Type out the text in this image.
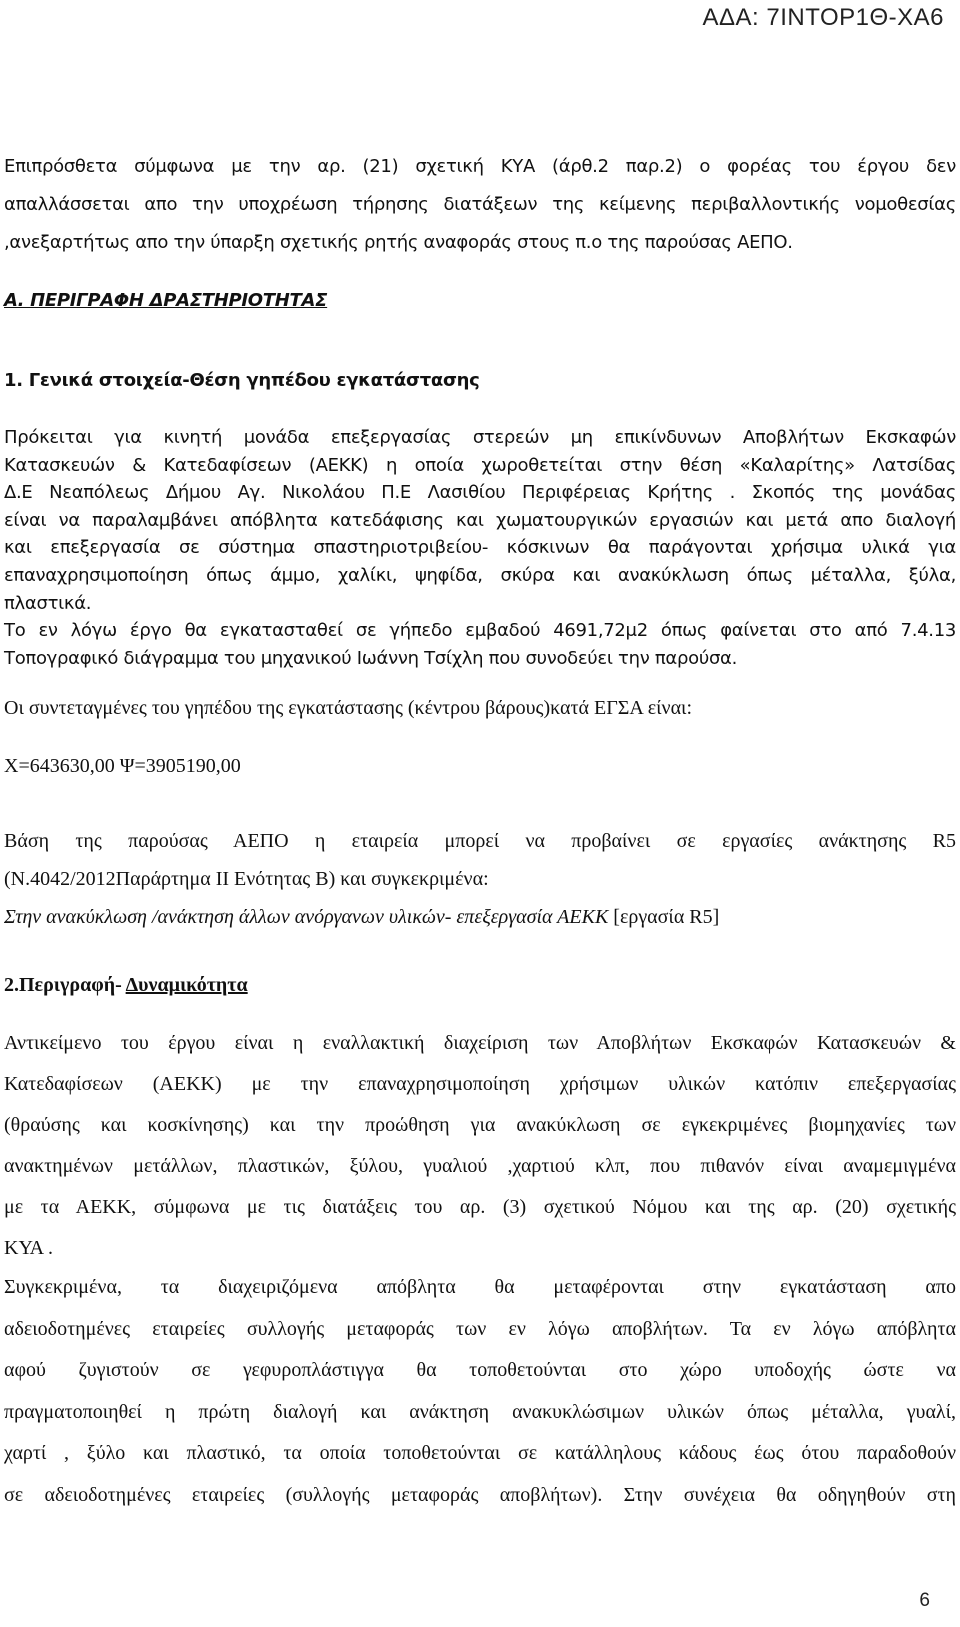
ΑΔΑ: 7ΙΝΤΟΡ1Θ-ΧΑ6
Επιπρόσθετα σύμφωνα με την αρ. (21) σχετική ΚΥΑ (άρθ.2 παρ.2) ο φορέας του έργου δεν
απαλλάσσεται απο την υποχρέωση τήρησης διατάξεων της κείμενης περιβαλλοντικής νομοθεσίας
,ανεξαρτήτως απο την ύπαρξη σχετικής ρητής αναφοράς στους π.ο της παρούσας ΑΕΠΟ.
Α. ΠΕΡΙΓΡΑΦΗ ΔΡΑΣΤΗΡΙΟΤΗΤΑΣ
1. Γενικά στοιχεία-Θέση γηπέδου εγκατάστασης
Πρόκειται για κινητή μονάδα επεξεργασίας στερεών μη επικίνδυνων Αποβλήτων Εκσκαφών
Κατασκευών & Κατεδαφίσεων (ΑΕΚΚ) η οποία χωροθετείται στην θέση «Καλαρίτης» Λατσίδας
Δ.Ε Νεαπόλεως Δήμου Αγ. Νικολάου Π.Ε Λασιθίου Περιφέρειας Κρήτης . Σκοπός της μονάδας
είναι να παραλαμβάνει απόβλητα κατεδάφισης και χωματουργικών εργασιών και μετά απο διαλογή
και επεξεργασία σε σύστημα σπαστηριοτριβείου- κόσκινων θα παράγονται χρήσιμα υλικά για
επαναχρησιμοποίηση όπως άμμο, χαλίκι, ψηφίδα, σκύρα και ανακύκλωση όπως μέταλλα, ξύλα,
πλαστικά.
Το εν λόγω έργο θα εγκατασταθεί σε γήπεδο εμβαδού 4691,72μ2 όπως φαίνεται στο από 7.4.13
Τοπογραφικό διάγραμμα του μηχανικού Ιωάννη Τσίχλη που συνοδεύει την παρούσα.
Οι συντεταγμένες του γηπέδου της εγκατάστασης (κέντρου βάρους)κατά ΕΓΣΑ είναι:
Χ=643630,00 Ψ=3905190,00
Βάση της παρούσας ΑΕΠΟ η εταιρεία μπορεί να προβαίνει σε εργασίες ανάκτησης R5
(Ν.4042/2012Παράρτημα ΙΙ Ενότητας Β) και συγκεκριμένα:
Στην ανακύκλωση /ανάκτηση άλλων ανόργανων υλικών- επεξεργασία ΑΕΚΚ [εργασία R5]
2.Περιγραφή- Δυναμικότητα
Αντικείμενο του έργου είναι η εναλλακτική διαχείριση των Αποβλήτων Εκσκαφών Κατασκευών &
Κατεδαφίσεων (ΑΕΚΚ) με την επαναχρησιμοποίηση χρήσιμων υλικών κατόπιν επεξεργασίας
(θραύσης και κοσκίνησης) και την προώθηση για ανακύκλωση σε εγκεκριμένες βιομηχανίες των
ανακτημένων μετάλλων, πλαστικών, ξύλου, γυαλιού ,χαρτιού κλπ, που πιθανόν είναι αναμεμιγμένα
με τα ΑΕΚΚ, σύμφωνα με τις διατάξεις του αρ. (3) σχετικού Νόμου και της αρ. (20) σχετικής
ΚΥΑ .
Συγκεκριμένα, τα διαχειριζόμενα απόβλητα θα μεταφέρονται στην εγκατάσταση απο
αδειοδοτημένες εταιρείες συλλογής μεταφοράς των εν λόγω αποβλήτων. Τα εν λόγω απόβλητα
αφού ζυγιστούν σε γεφυροπλάστιγγα θα τοποθετούνται στο χώρο υποδοχής ώστε να
πραγματοποιηθεί η πρώτη διαλογή και ανάκτηση ανακυκλώσιμων υλικών όπως μέταλλα, γυαλί,
χαρτί , ξύλο και πλαστικό, τα οποία τοποθετούνται σε κατάλληλους κάδους έως ότου παραδοθούν
σε αδειοδοτημένες εταιρείες (συλλογής μεταφοράς αποβλήτων). Στην συνέχεια θα οδηγηθούν στη
6
